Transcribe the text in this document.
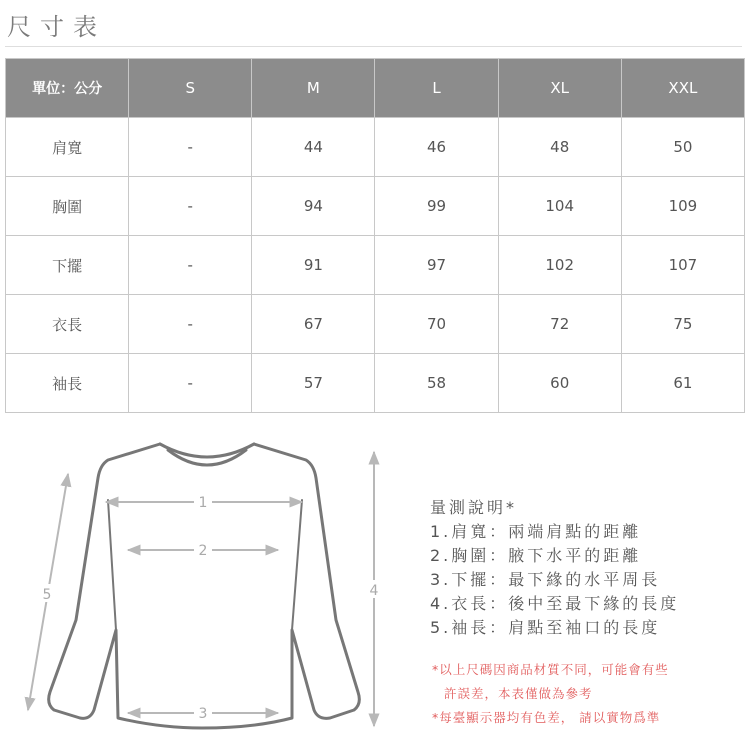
尺寸表
單位：公分	S	M	L	XL	XXL
肩寬	-	44	46	48	50
胸圍	-	94	99	104	109
下擺	-	91	97	102	107
衣長	-	67	70	72	75
袖長	-	57	58	60	61
1
2
3
4
5
量測說明*
1.肩寬：兩端肩點的距離
2.胸圍：腋下水平的距離
3.下擺：最下緣的水平周長
4.衣長：後中至最下緣的長度
5.袖長：肩點至袖口的長度
*以上尺碼因商品材質不同，可能會有些
許誤差，本表僅做為參考
*每臺顯示器均有色差， 請以實物爲準
